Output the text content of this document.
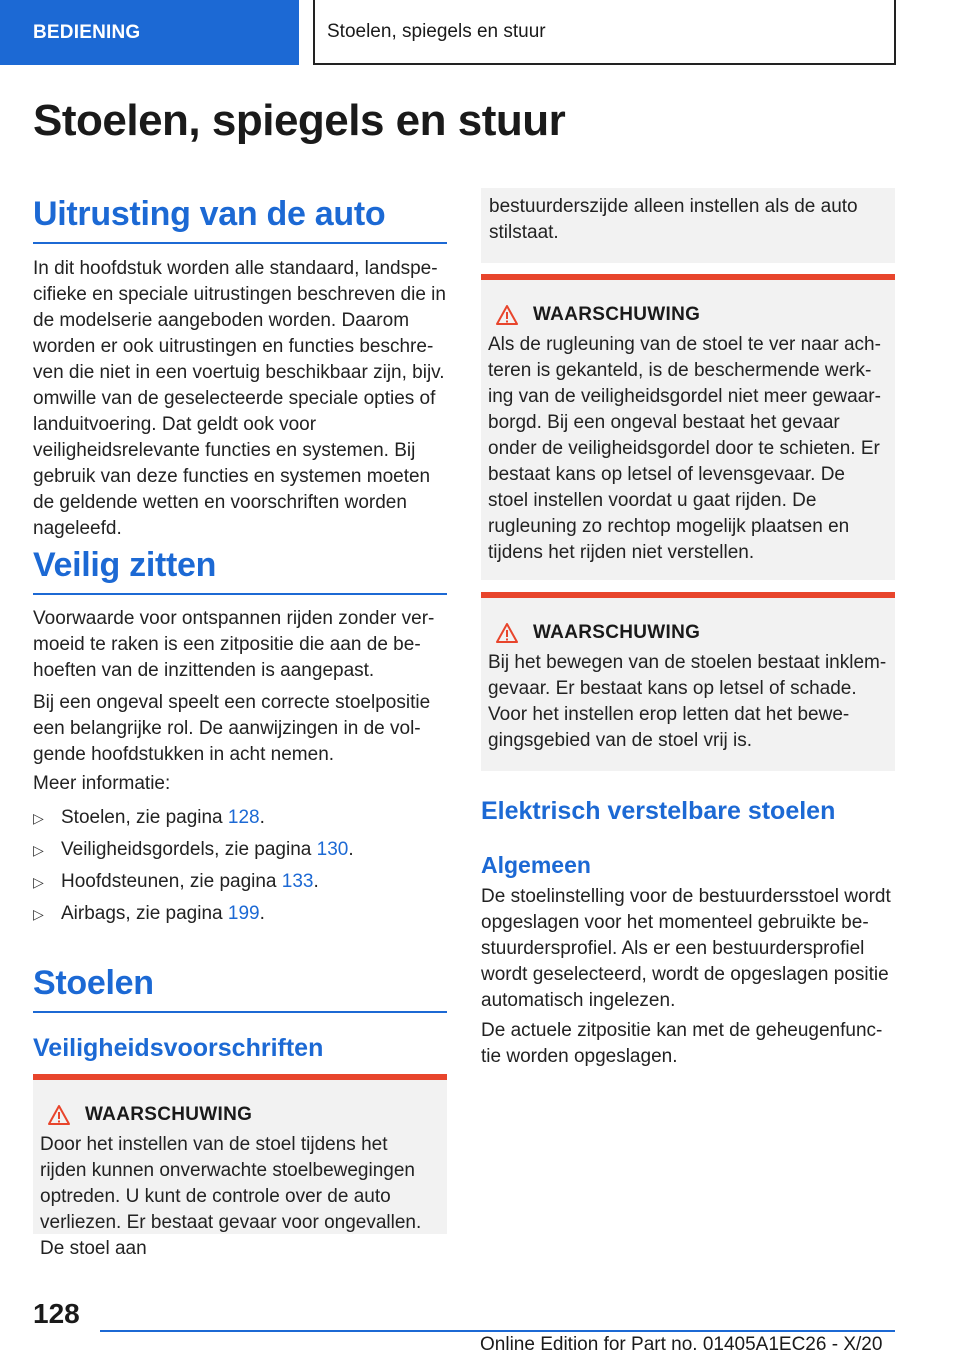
BEDIENING	Stoelen, spiegels en stuur
Stoelen, spiegels en stuur
Uitrusting van de auto

In dit hoofdstuk worden alle standaard, landspecifieke en speciale uitrustingen beschreven die in de modelserie aangeboden worden. Daarom worden er ook uitrustingen en functies beschreven die niet in een voertuig beschikbaar zijn, bijv. omwille van de geselecteerde speciale opties of landuitvoering. Dat geldt ook voor veiligheidsrelevante functies en systemen. Bij gebruik van deze functies en systemen moeten de geldende wetten en voorschriften worden nageleefd.

Veilig zitten

Voorwaarde voor ontspannen rijden zonder vermoeid te raken is een zitpositie die aan de behoeften van de inzittenden is aangepast.

Bij een ongeval speelt een correcte stoelpositie een belangrijke rol. De aanwijzingen in de volgende hoofdstukken in acht nemen.

Meer informatie:

▷ Stoelen, zie pagina 128.
▷ Veiligheidsgordels, zie pagina 130.
▷ Hoofdsteunen, zie pagina 133.
▷ Airbags, zie pagina 199.
Stoelen
Veiligheidsvoorschriften
WAARSCHUWING

Door het instellen van de stoel tijdens het rijden kunnen onverwachte stoelbewegingen optreden. U kunt de controle over de auto verliezen. Er bestaat gevaar voor ongevallen. De stoel aan

bestuurderszijde alleen instellen als de auto stilstaat.

WAARSCHUWING

Als de rugleuning van de stoel te ver naar achteren is gekanteld, is de beschermende werking van de veiligheidsgordel niet meer gewaarborgd. Bij een ongeval bestaat het gevaar onder de veiligheidsgordel door te schieten. Er bestaat kans op letsel of levensgevaar. De stoel instellen voordat u gaat rijden. De rugleuning zo rechtop mogelijk plaatsen en tijdens het rijden niet verstellen.

WAARSCHUWING

Bij het bewegen van de stoelen bestaat inklemgevaar. Er bestaat kans op letsel of schade. Voor het instellen erop letten dat het bewegingsgebied van de stoel vrij is.

Elektrisch verstelbare stoelen
Algemeen

De stoelinstelling voor de bestuurdersstoel wordt opgeslagen voor het momenteel gebruikte bestuurdersprofiel. Als er een bestuurdersprofiel wordt geselecteerd, wordt de opgeslagen positie automatisch ingelezen.

De actuele zitpositie kan met de geheugenfunctie worden opgeslagen.

128
Online Edition for Part no. 01405A1EC26 - X/20
